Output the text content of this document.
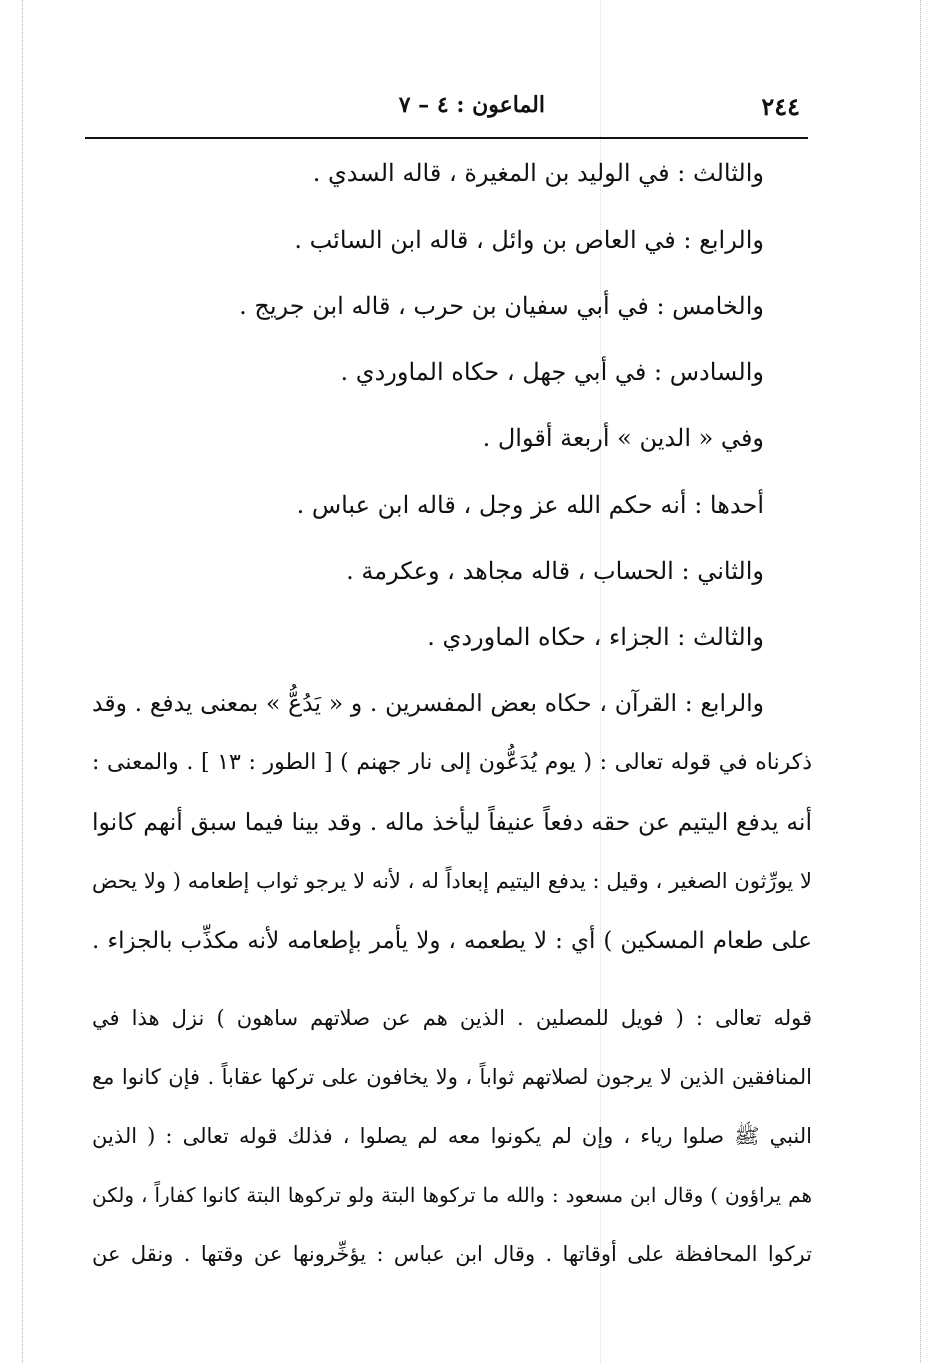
٢٤٤
الماعون : ٤ – ٧
والثالث : في الوليد بن المغيرة ، قاله السدي .
والرابع : في العاص بن وائل ، قاله ابن السائب .
والخامس : في أبي سفيان بن حرب ، قاله ابن جريج .
والسادس : في أبي جهل ، حكاه الماوردي .
وفي « الدين » أربعة أقوال .
أحدها : أنه حكم الله عز وجل ، قاله ابن عباس .
والثاني : الحساب ، قاله مجاهد ، وعكرمة .
والثالث : الجزاء ، حكاه الماوردي .
والرابع : القرآن ، حكاه بعض المفسرين . و « يَدُعُّ » بمعنى يدفع . وقد
ذكرناه في قوله تعالى : ( يوم يُدَعُّون إلى نار جهنم ) [ الطور : ١٣ ] . والمعنى :
أنه يدفع اليتيم عن حقه دفعاً عنيفاً ليأخذ ماله . وقد بينا فيما سبق أنهم كانوا
لا يورِّثون الصغير ، وقيل : يدفع اليتيم إبعاداً له ، لأنه لا يرجو ثواب إطعامه ( ولا يحض
على طعام المسكين ) أي : لا يطعمه ، ولا يأمر بإطعامه لأنه مكذِّب بالجزاء .
قوله تعالى : ( فويل للمصلين . الذين هم عن صلاتهم ساهون ) نزل هذا في
المنافقين الذين لا يرجون لصلاتهم ثواباً ، ولا يخافون على تركها عقاباً . فإن كانوا مع
النبي ﷺ صلوا رياء ، وإن لم يكونوا معه لم يصلوا ، فذلك قوله تعالى : ( الذين
هم يراؤون ) وقال ابن مسعود : والله ما تركوها البتة ولو تركوها البتة كانوا كفاراً ، ولكن
تركوا المحافظة على أوقاتها . وقال ابن عباس : يؤخِّرونها عن وقتها . ونقل عن
